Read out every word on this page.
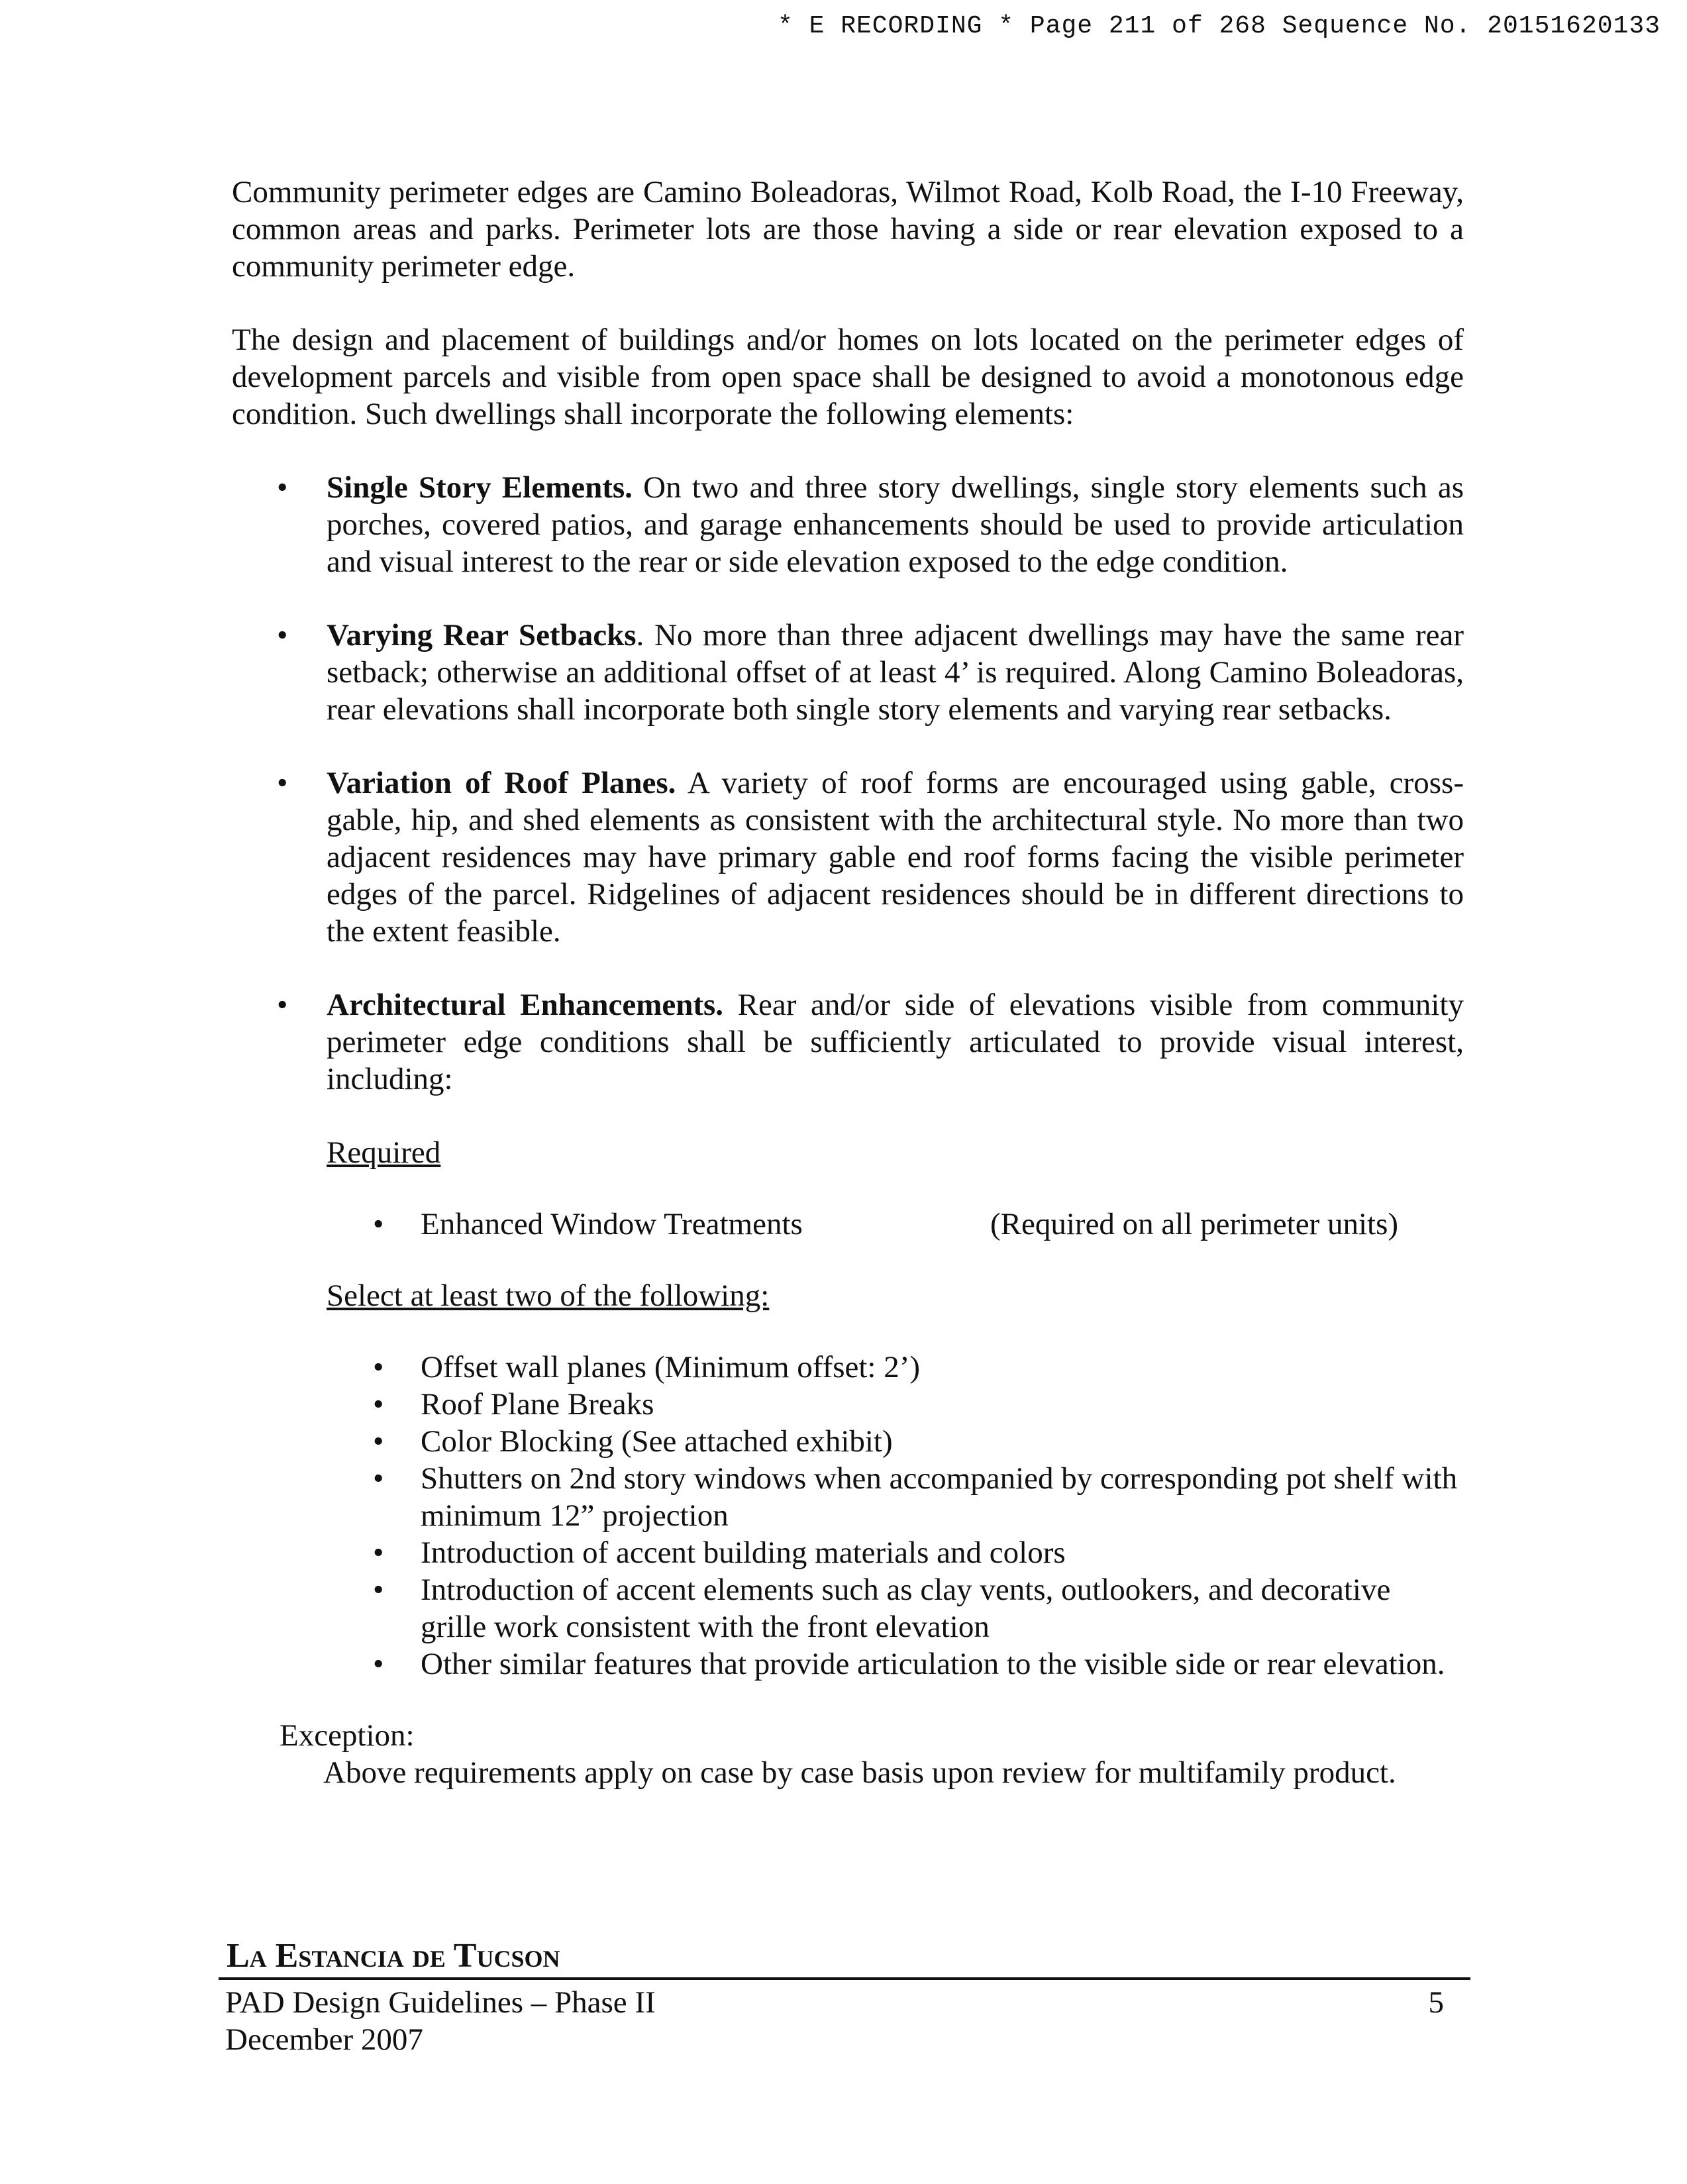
* E RECORDING * Page 211 of 268 Sequence No. 20151620133

Community perimeter edges are Camino Boleadoras, Wilmot Road, Kolb Road, the I-10 Freeway, common areas and parks. Perimeter lots are those having a side or rear elevation exposed to a community perimeter edge.

The design and placement of buildings and/or homes on lots located on the perimeter edges of development parcels and visible from open space shall be designed to avoid a monotonous edge condition. Such dwellings shall incorporate the following elements:

• Single Story Elements. On two and three story dwellings, single story elements such as porches, covered patios, and garage enhancements should be used to provide articulation and visual interest to the rear or side elevation exposed to the edge condition.
• Varying Rear Setbacks. No more than three adjacent dwellings may have the same rear setback; otherwise an additional offset of at least 4’ is required. Along Camino Boleadoras, rear elevations shall incorporate both single story elements and varying rear setbacks.
• Variation of Roof Planes. A variety of roof forms are encouraged using gable, cross-gable, hip, and shed elements as consistent with the architectural style. No more than two adjacent residences may have primary gable end roof forms facing the visible perimeter edges of the parcel. Ridgelines of adjacent residences should be in different directions to the extent feasible.
• Architectural Enhancements. Rear and/or side of elevations visible from community perimeter edge conditions shall be sufficiently articulated to provide visual interest, including:
Required
• Enhanced Window Treatments	(Required on all perimeter units)
Select at least two of the following:
• Offset wall planes (Minimum offset: 2’)
• Roof Plane Breaks
• Color Blocking (See attached exhibit)
• Shutters on 2nd story windows when accompanied by corresponding pot shelf with minimum 12” projection
• Introduction of accent building materials and colors
• Introduction of accent elements such as clay vents, outlookers, and decorative grille work consistent with the front elevation
• Other similar features that provide articulation to the visible side or rear elevation.
Exception:
Above requirements apply on case by case basis upon review for multifamily product.
La Estancia de Tucson
PAD Design Guidelines – Phase II	5
December 2007
